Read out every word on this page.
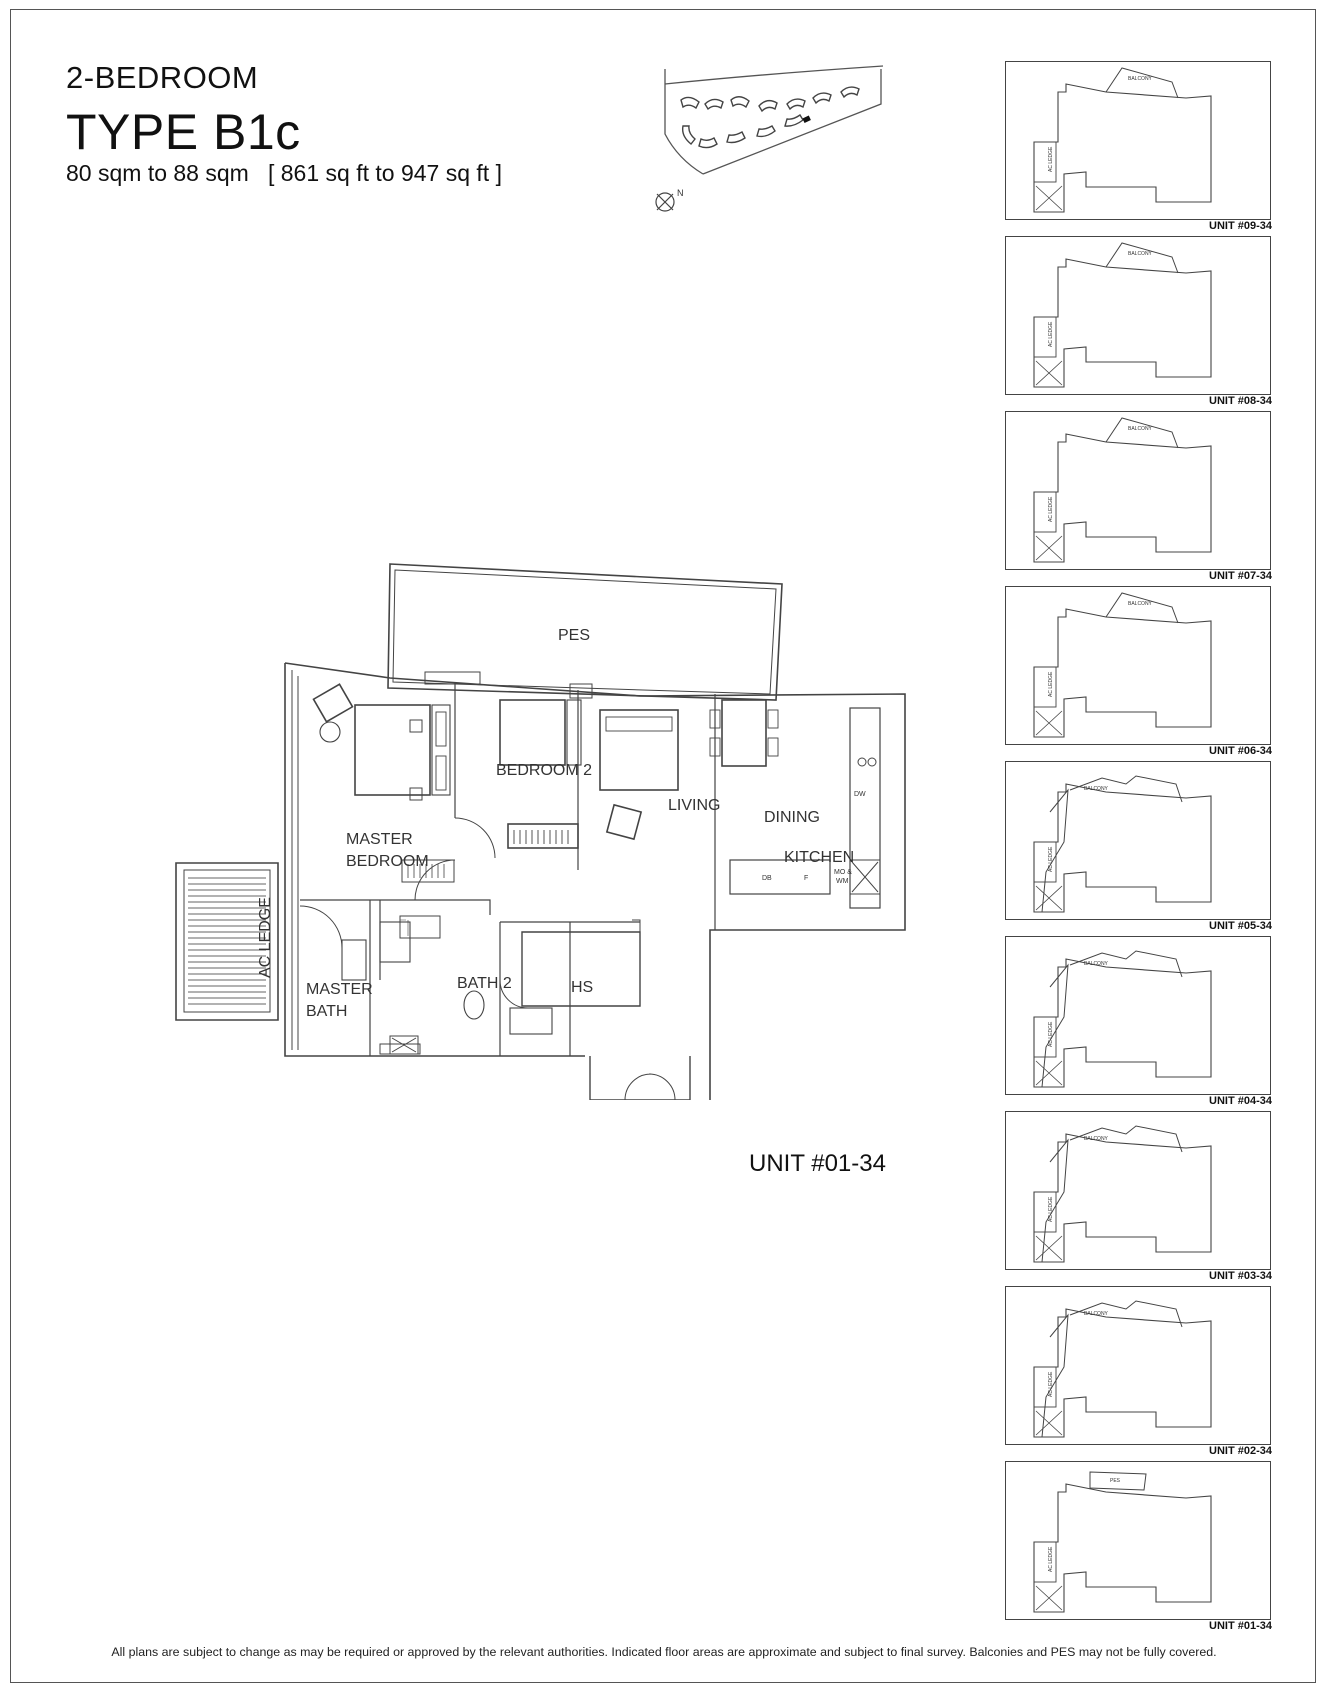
2-BEDROOM
TYPE B1c
80 sqm to 88 sqm   [ 861 sq ft to 947 sq ft ]
N
PES
BEDROOM 2
LIVING
DINING
KITCHEN
MASTER
BEDROOM
MASTER
BATH
BATH 2	HS
AC LEDGE
DB	F
MO &
WM
DW
UNIT #01-34
AC LEDGE
BALCONY
UNIT #09-34
AC LEDGE
BALCONY
UNIT #08-34
AC LEDGE
BALCONY
UNIT #07-34
AC LEDGE
BALCONY
UNIT #06-34
AC LEDGE
BALCONY
UNIT #05-34
AC LEDGE
BALCONY
UNIT #04-34
AC LEDGE
BALCONY
UNIT #03-34
AC LEDGE
BALCONY
UNIT #02-34
AC LEDGE
PES
UNIT #01-34
All plans are subject to change as may be required or approved by the relevant authorities. Indicated floor areas are approximate and subject to final survey. Balconies and PES may not be fully covered.
